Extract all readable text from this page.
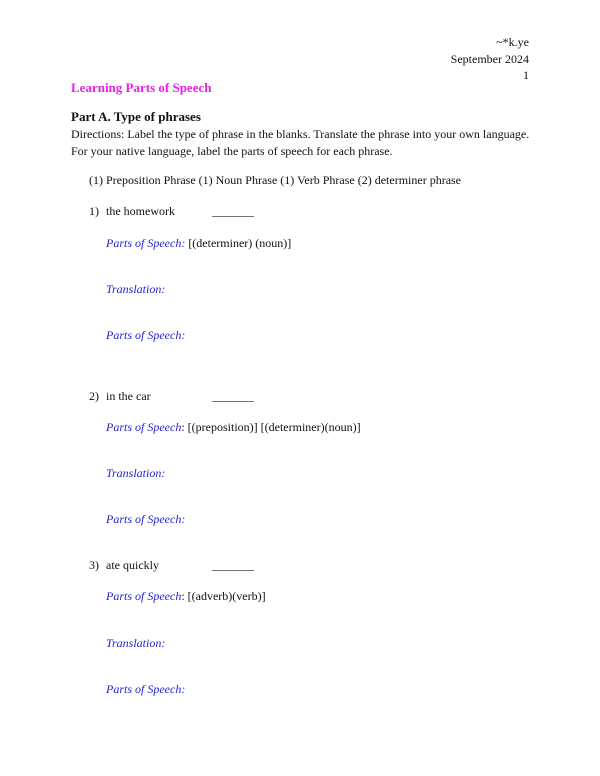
~*k.ye
September 2024
1
Learning Parts of Speech
Part A. Type of phrases
Directions: Label the type of phrase in the blanks. Translate the phrase into your own language. For your native language, label the parts of speech for each phrase.
(1) Preposition Phrase (1) Noun Phrase (1) Verb Phrase (2) determiner phrase
1) the homework	_______
Parts of Speech: [(determiner) (noun)]
Translation:
Parts of Speech:
2) in the car	_______
Parts of Speech: [(preposition)] [(determiner)(noun)]
Translation:
Parts of Speech:
3) ate quickly	_______
Parts of Speech: [(adverb)(verb)]
Translation:
Parts of Speech:
